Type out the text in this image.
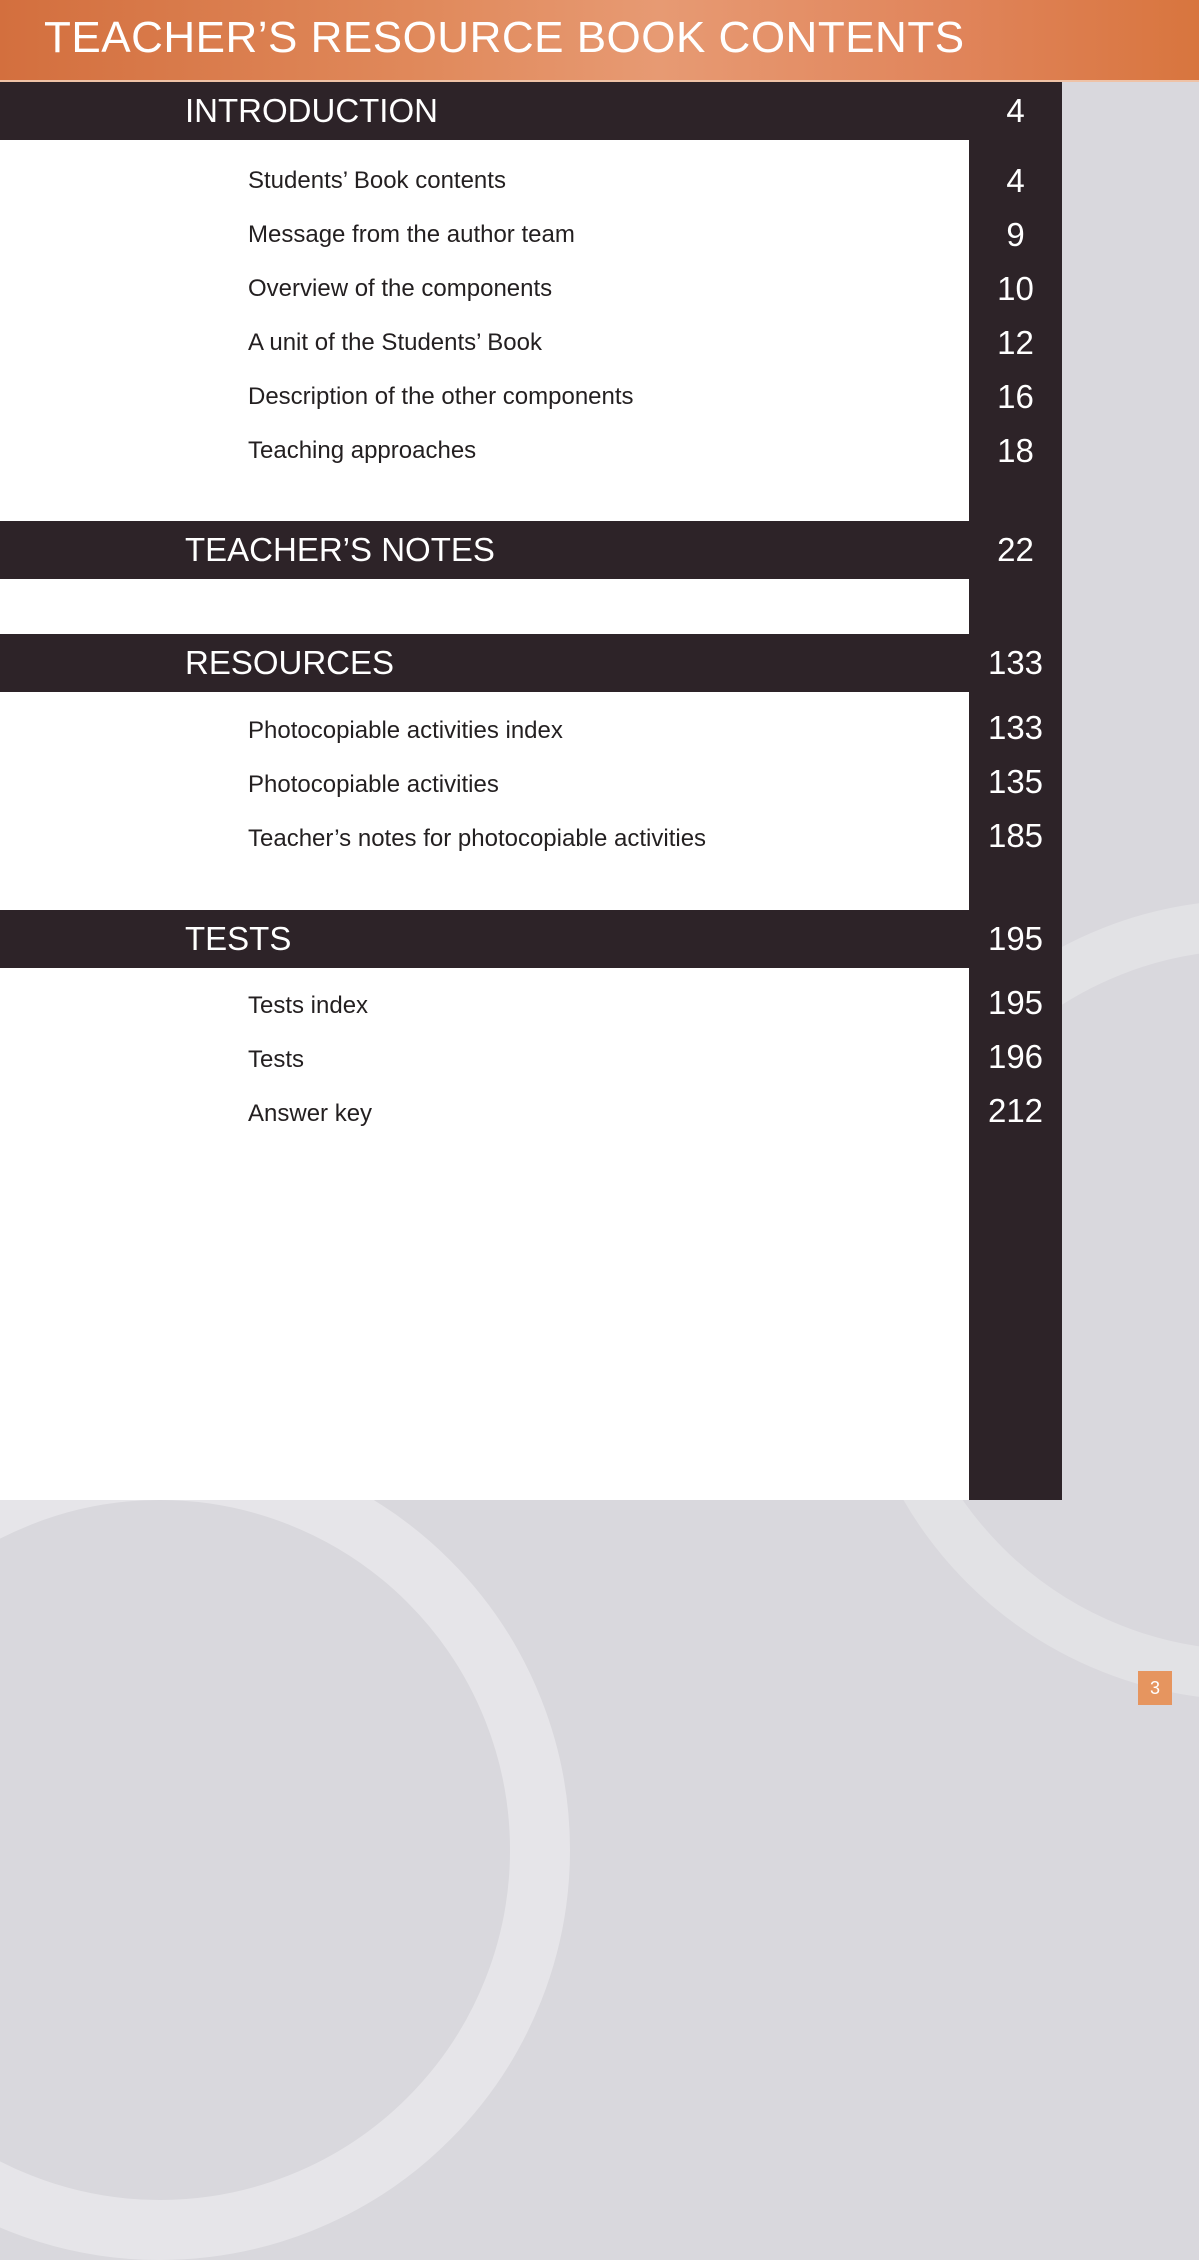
TEACHER’S RESOURCE BOOK CONTENTS
INTRODUCTION	4
Students’ Book contents	4
Message from the author team	9
Overview of the components	10
A unit of the Students’ Book	12
Description of the other components	16
Teaching approaches	18
TEACHER’S NOTES	22
RESOURCES	133
Photocopiable activities index	133
Photocopiable activities	135
Teacher’s notes for photocopiable activities	185
TESTS	195
Tests index	195
Tests	196
Answer key	212
3
